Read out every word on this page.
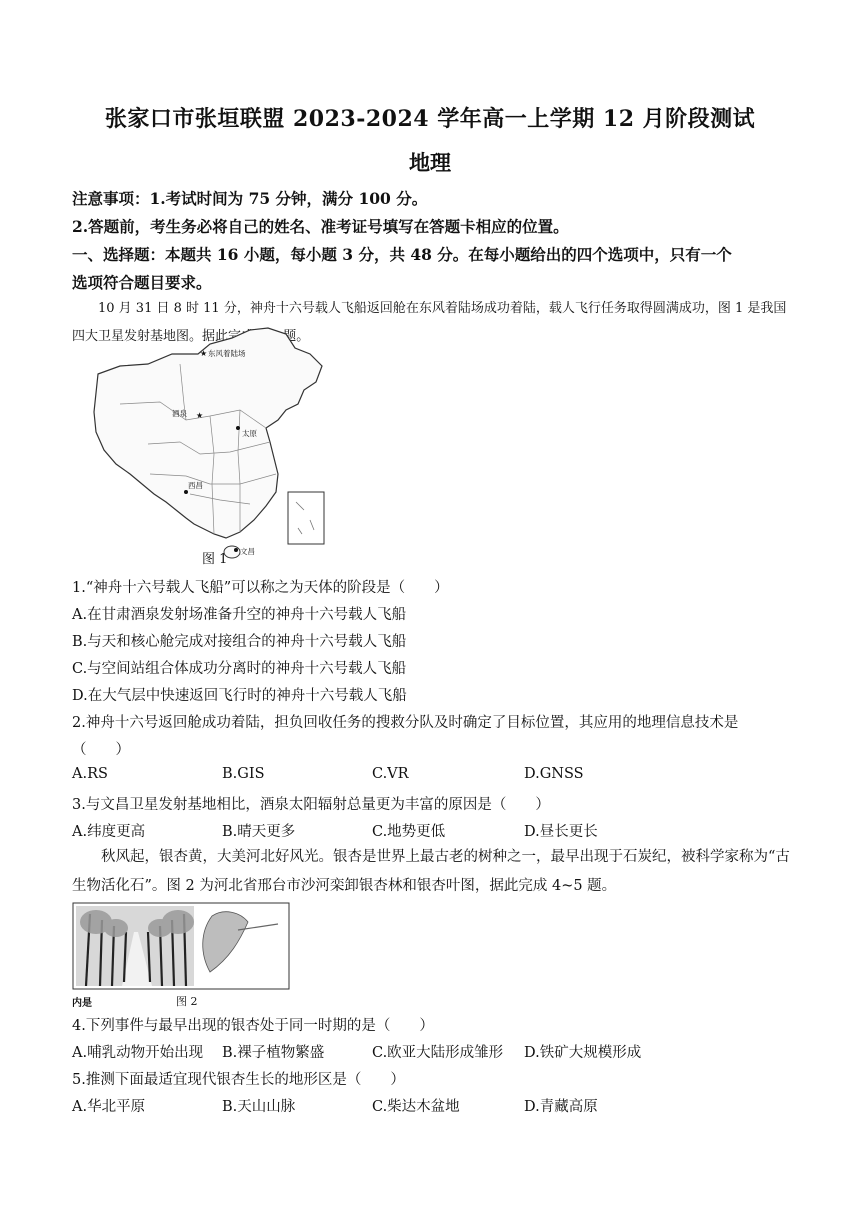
张家口市张垣联盟 2023-2024 学年高一上学期 12 月阶段测试
地理
注意事项：1.考试时间为 75 分钟，满分 100 分。
2.答题前，考生务必将自己的姓名、准考证号填写在答题卡相应的位置。
一、选择题：本题共 16 小题，每小题 3 分，共 48 分。在每小题给出的四个选项中，只有一个
选项符合题目要求。
10 月 31 日 8 时 11 分，神舟十六号载人飞船返回舱在东风着陆场成功着陆，载人飞行任务取得圆满成功，图 1 是我国四大卫星发射基地图。据此完成 1-3 题。
★ 东风着陆场
★
酒泉
太原
西昌
文昌
图 1
1.“神舟十六号载人飞船”可以称之为天体的阶段是（　　）
A.在甘肃酒泉发射场准备升空的神舟十六号载人飞船
B.与天和核心舱完成对接组合的神舟十六号载人飞船
C.与空间站组合体成功分离时的神舟十六号载人飞船
D.在大气层中快速返回飞行时的神舟十六号载人飞船
2.神舟十六号返回舱成功着陆，担负回收任务的搜救分队及时确定了目标位置，其应用的地理信息技术是
（　　）
A.RS	B.GIS	C.VR	D.GNSS
3.与文昌卫星发射基地相比，酒泉太阳辐射总量更为丰富的原因是（　　）
A.纬度更高	B.晴天更多	C.地势更低	D.昼长更长
秋风起，银杏黄，大美河北好风光。银杏是世界上最古老的树种之一，最早出现于石炭纪，被科学家称为“古生物活化石”。图 2 为河北省邢台市沙河栾卸银杏林和银杏叶图，据此完成 4~5 题。
内是	图 2
4.下列事件与最早出现的银杏处于同一时期的是（　　）
A.哺乳动物开始出现 B.裸子植物繁盛	C.欧亚大陆形成雏形 D.铁矿大规模形成
5.推测下面最适宜现代银杏生长的地形区是（　　）
A.华北平原	B.天山山脉	C.柴达木盆地	D.青藏高原
